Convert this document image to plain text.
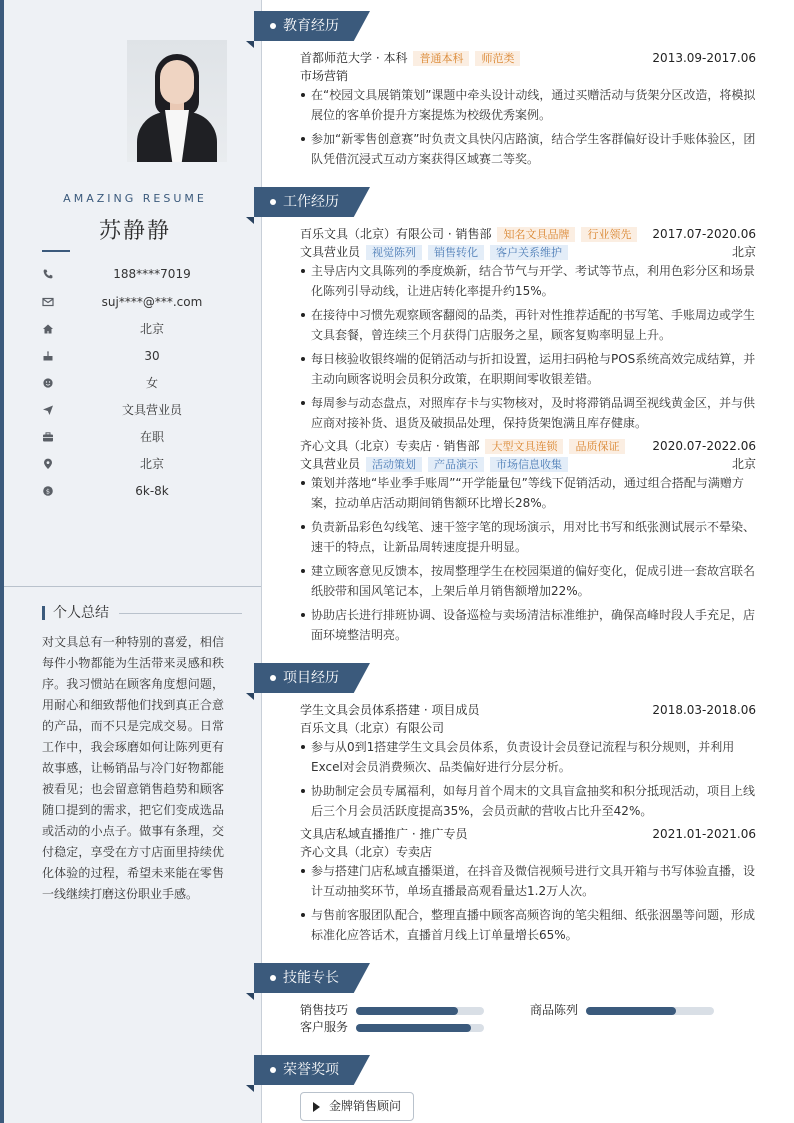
AMAZING RESUME
苏静静
188****7019
suj****@***.com
北京
30
女
文具营业员
在职
北京
$	6k-8k
个人总结
对文具总有一种特别的喜爱，相信每件小物都能为生活带来灵感和秩序。我习惯站在顾客角度想问题，用耐心和细致帮他们找到真正合意的产品，而不只是完成交易。日常工作中，我会琢磨如何让陈列更有故事感，让畅销品与冷门好物都能被看见；也会留意销售趋势和顾客随口提到的需求，把它们变成选品或活动的小点子。做事有条理，交付稳定，享受在方寸店面里持续优化体验的过程，希望未来能在零售一线继续打磨这份职业手感。
教育经历
首都师范大学 · 本科 普通本科 师范类	2013.09-2017.06
市场营销
在“校园文具展销策划”课题中牵头设计动线，通过买赠活动与货架分区改造，将模拟展位的客单价提升方案提炼为校级优秀案例。
参加“新零售创意赛”时负责文具快闪店路演，结合学生客群偏好设计手账体验区，团队凭借沉浸式互动方案获得区域赛二等奖。
工作经历
百乐文具（北京）有限公司 · 销售部 知名文具品牌 行业领先	2017.07-2020.06
文具营业员 视觉陈列 销售转化 客户关系维护	北京
主导店内文具陈列的季度焕新，结合节气与开学、考试等节点，利用色彩分区和场景化陈列引导动线，让进店转化率提升约15%。
在接待中习惯先观察顾客翻阅的品类，再针对性推荐适配的书写笔、手账周边或学生文具套餐，曾连续三个月获得门店服务之星，顾客复购率明显上升。
每日核验收银终端的促销活动与折扣设置，运用扫码枪与POS系统高效完成结算，并主动向顾客说明会员积分政策，在职期间零收银差错。
每周参与动态盘点，对照库存卡与实物核对，及时将滞销品调至视线黄金区，并与供应商对接补货、退货及破损品处理，保持货架饱满且库存健康。
齐心文具（北京）专卖店 · 销售部 大型文具连锁 品质保证	2020.07-2022.06
文具营业员 活动策划 产品演示 市场信息收集	北京
策划并落地“毕业季手账周”“开学能量包”等线下促销活动，通过组合搭配与满赠方案，拉动单店活动期间销售额环比增长28%。
负责新品彩色勾线笔、速干签字笔的现场演示，用对比书写和纸张测试展示不晕染、速干的特点，让新品周转速度提升明显。
建立顾客意见反馈本，按周整理学生在校园渠道的偏好变化，促成引进一套故宫联名纸胶带和国风笔记本，上架后单月销售额增加22%。
协助店长进行排班协调、设备巡检与卖场清洁标准维护，确保高峰时段人手充足，店面环境整洁明亮。
项目经历
学生文具会员体系搭建 · 项目成员	2018.03-2018.06
百乐文具（北京）有限公司
参与从0到1搭建学生文具会员体系，负责设计会员登记流程与积分规则，并利用Excel对会员消费频次、品类偏好进行分层分析。
协助制定会员专属福利，如每月首个周末的文具盲盒抽奖和积分抵现活动，项目上线后三个月会员活跃度提高35%，会员贡献的营收占比升至42%。
文具店私域直播推广 · 推广专员	2021.01-2021.06
齐心文具（北京）专卖店
参与搭建门店私域直播渠道，在抖音及微信视频号进行文具开箱与书写体验直播，设计互动抽奖环节，单场直播最高观看量达1.2万人次。
与售前客服团队配合，整理直播中顾客高频咨询的笔尖粗细、纸张洇墨等问题，形成标准化应答话术，直播首月线上订单量增长65%。
技能专长
销售技巧	商品陈列
客户服务
荣誉奖项
金牌销售顾问
